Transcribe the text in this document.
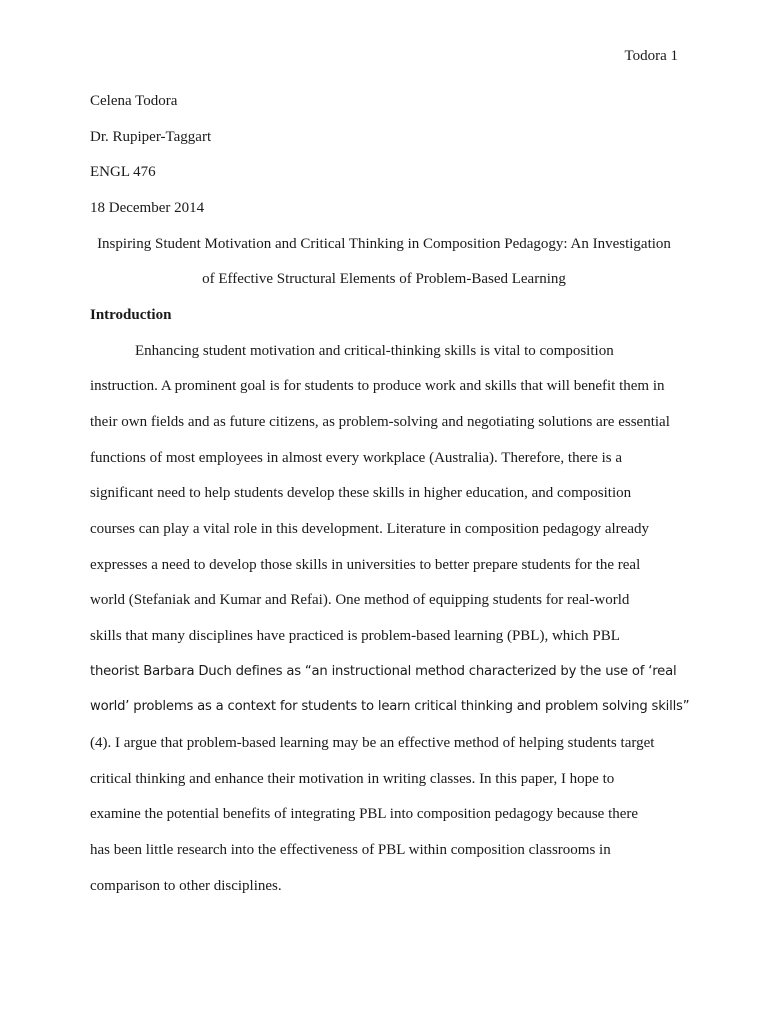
Todora 1
Celena Todora
Dr. Rupiper-Taggart
ENGL 476
18 December 2014
Inspiring Student Motivation and Critical Thinking in Composition Pedagogy: An Investigation
of Effective Structural Elements of Problem-Based Learning
Introduction
Enhancing student motivation and critical-thinking skills is vital to composition
instruction. A prominent goal is for students to produce work and skills that will benefit them in
their own fields and as future citizens, as problem-solving and negotiating solutions are essential
functions of most employees in almost every workplace (Australia). Therefore, there is a
significant need to help students develop these skills in higher education, and composition
courses can play a vital role in this development. Literature in composition pedagogy already
expresses a need to develop those skills in universities to better prepare students for the real
world (Stefaniak and Kumar and Refai). One method of equipping students for real-world
skills that many disciplines have practiced is problem-based learning (PBL), which PBL
theorist Barbara Duch defines as “an instructional method characterized by the use of ‘real
world’ problems as a context for students to learn critical thinking and problem solving skills”
(4). I argue that problem-based learning may be an effective method of helping students target
critical thinking and enhance their motivation in writing classes. In this paper, I hope to
examine the potential benefits of integrating PBL into composition pedagogy because there
has been little research into the effectiveness of PBL within composition classrooms in
comparison to other disciplines.
